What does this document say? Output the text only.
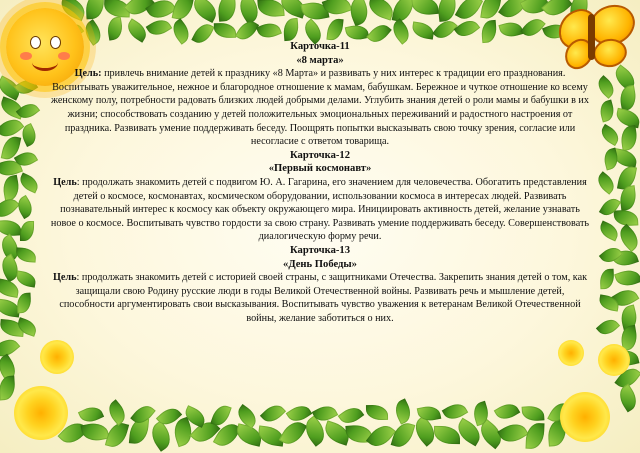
Карточка-11
«8 марта»

Цель: привлечь внимание детей к празднику «8 Марта» и развивать у них интерес к традиции его празднования. Воспитывать уважительное, нежное и благородное отношение к мамам, бабушкам. Бережное и чуткое отношение ко всему женскому полу, потребности радовать близких людей добрыми делами. Углубить знания детей о роли мамы и бабушки в их жизни; способствовать созданию у детей положительных эмоциональных переживаний и радостного настроения от праздника. Развивать умение поддерживать беседу. Поощрять попытки высказывать свою точку зрения, согласие или несогласие с ответом товарища.

Карточка-12
«Первый космонавт»

Цель: продолжать знакомить детей с подвигом Ю. А. Гагарина, его значением для человечества. Обогатить представления детей о космосе, космонавтах, космическом оборудовании, использовании космоса в интересах людей. Развивать познавательный интерес к космосу как объекту окружающего мира. Инициировать активность детей, желание узнавать новое о космосе. Воспитывать чувство гордости за свою страну. Развивать умение поддерживать беседу. Совершенствовать диалогическую форму речи.

Карточка-13
«День Победы»

Цель: продолжать знакомить детей с историей своей страны, с защитниками Отечества. Закрепить знания детей о том, как защищали свою Родину русские люди в годы Великой Отечественной войны. Развивать речь и мышление детей, способности аргументировать свои высказывания. Воспитывать чувство уважения к ветеранам Великой Отечественной войны, желание заботиться о них.
